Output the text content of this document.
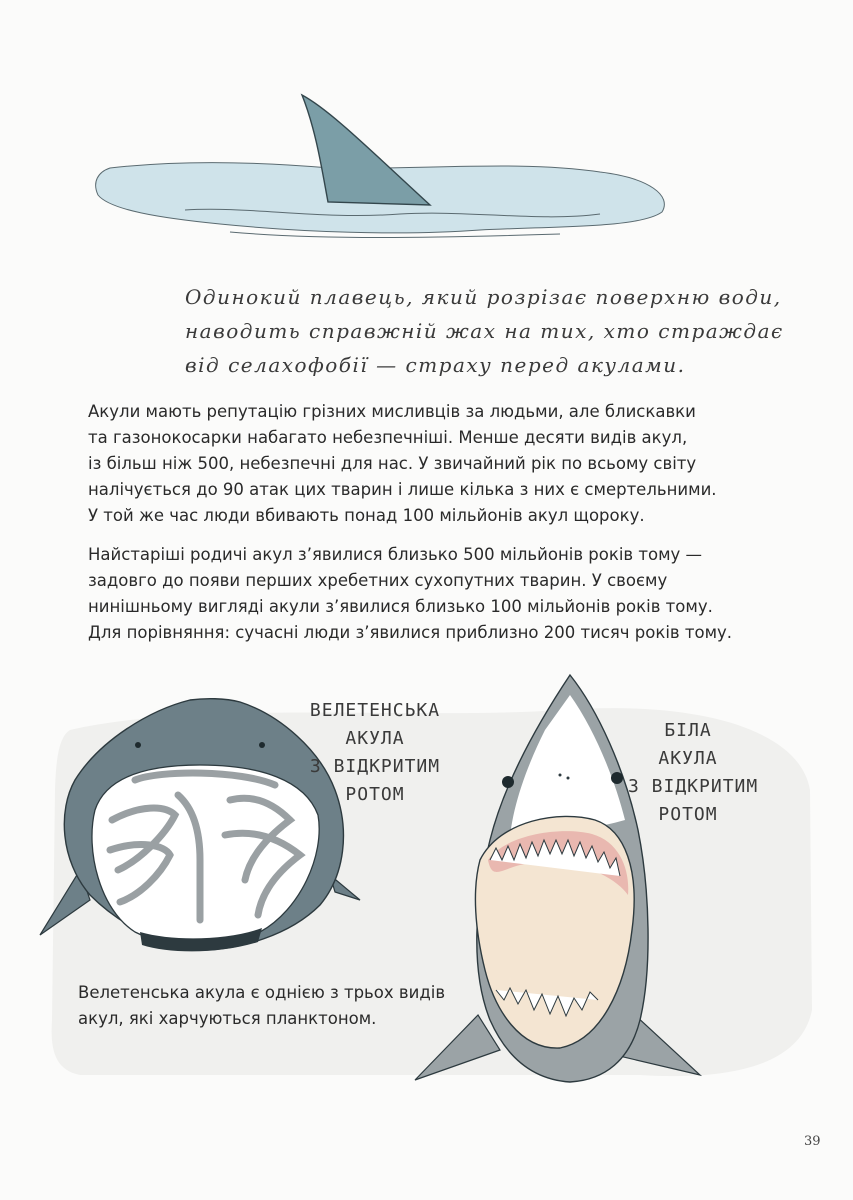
Одинокий плавець, який розрізає поверхню води,
наводить справжній жах на тих, хто страждає
від селахофобії — страху перед акулами.
Акули мають репутацію грізних мисливців за людьми, але блискавки
та газонокосарки набагато небезпечніші. Менше десяти видів акул,
із більш ніж 500, небезпечні для нас. У звичайний рік по всьому світу
налічується до 90 атак цих тварин і лише кілька з них є смертельними.
У той же час люди вбивають понад 100 мільйонів акул щороку.
Найстаріші родичі акул з’явилися близько 500 мільйонів років тому —
задовго до появи перших хребетних сухопутних тварин. У своєму
нинішньому вигляді акули з’явилися близько 100 мільйонів років тому.
Для порівняння: сучасні люди з’явилися приблизно 200 тисяч років тому.
ВЕЛЕТЕНСЬКА
АКУЛА
З ВІДКРИТИМ
РОТОМ
БІЛА
АКУЛА
З ВІДКРИТИМ
РОТОМ
Велетенська акула є однією з трьох видів
акул, які харчуються планктоном.
39
